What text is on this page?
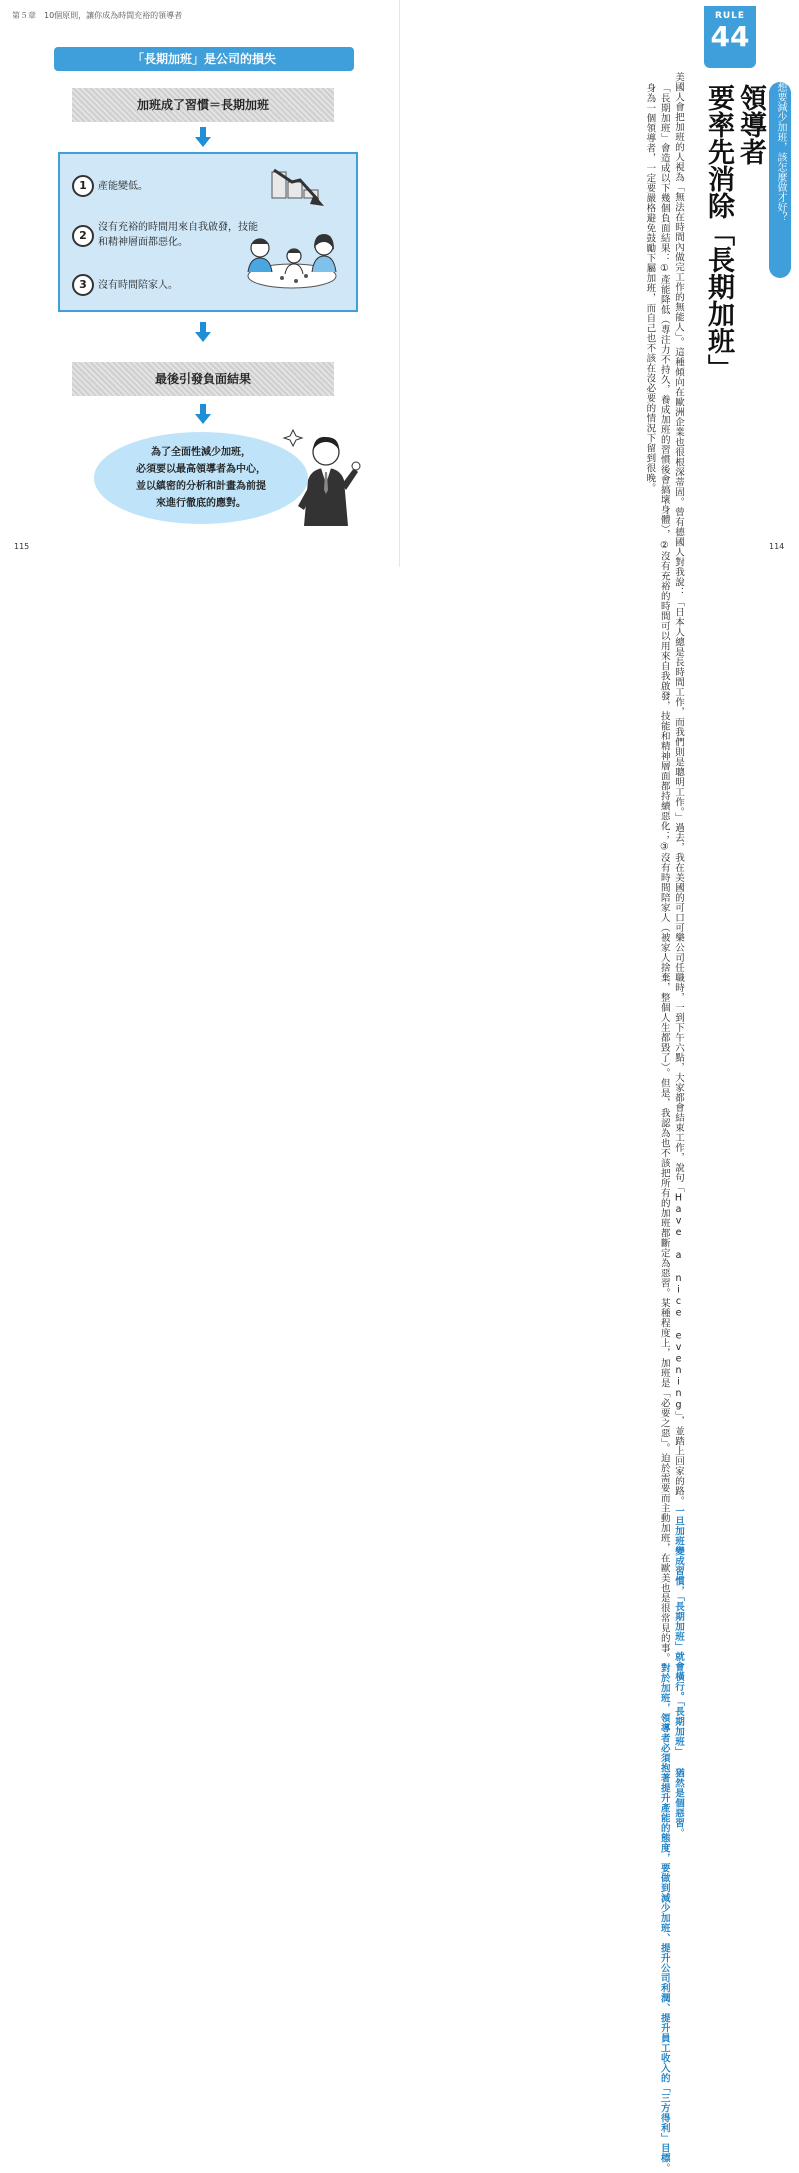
第５章　10個原則，讓你成為時間充裕的領導者
「長期加班」是公司的損失
加班成了習慣＝長期加班
1	產能變低。
2
沒有充裕的時間用來自我啟發，技能和精神層面都惡化。
3	沒有時間陪家人。
最後引發負面結果
為了全面性減少加班，
必須要以最高領導者為中心，
並以縝密的分析和計畫為前提
來進行徹底的應對。
115
RULE
44
想要減少加班，該怎麼做才好？
領導者
要率先消除「長期加班」
美國人會把加班的人視為「無法在時間內做完工作的無能人」。這種傾向在歐洲企業也很根深蒂固。曾有德國人對我說：「日本人總是長時間工作，而我們則是聰明工作。」過去，我在美國的可口可樂公司任職時，一到下午六點，大家都會結束工作，說句「Have a nice evening」，並踏上回家的路。一旦加班變成習慣，「長期加班」就會橫行。「長期加班」 猶然是個惡習。
「長期加班」會造成以下幾個負面結果：①產能降低（專注力不持久，養成加班的習慣後會搞壞身體），②沒有充裕的時間可以用來自我啟發，技能和精神層面都持續惡化；③沒有時間陪家人（被家人捨棄，整個人生都毀了）。但是，我認為也不該把所有的加班都斷定為惡習。某種程度上，加班是「必要之惡」。迫於需要而主動加班，在歐美也是很常見的事。對於加班，領導者必須抱著提升產能的態度，要做到減少加班、提升公司利潤、提升員工收入的「三方得利」目標。
身為一個領導者，一定要嚴格避免鼓勵下屬加班，而自己也不該在沒必要的情況下留到很晚。
114
